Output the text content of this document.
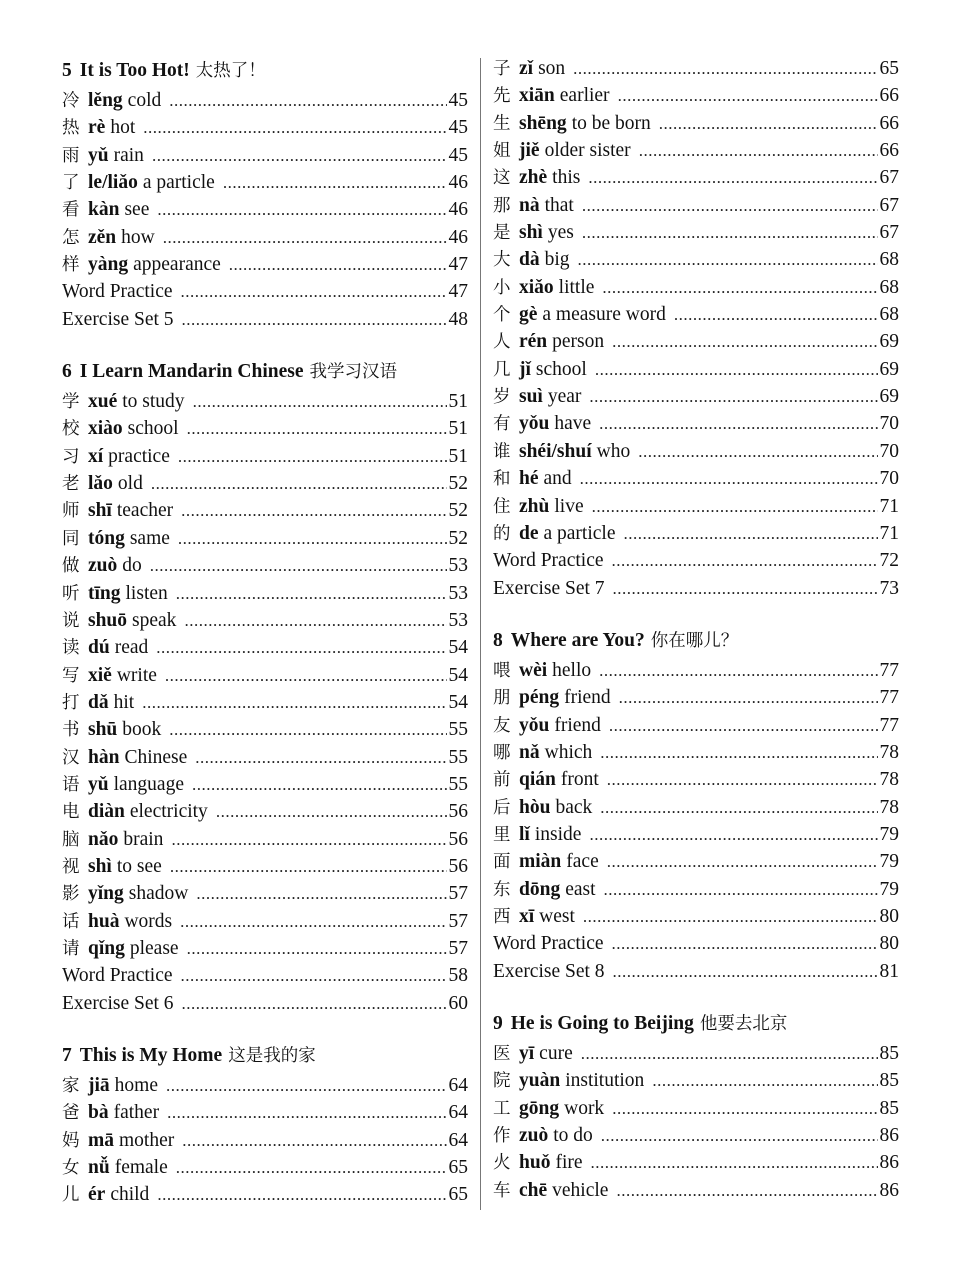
5 It is Too Hot! 太热了！
冷 lěng cold .....	45
热 rè hot .....	45
雨 yǔ rain .....	45
了 le/liǎo a particle .....	46
看 kàn see .....	46
怎 zěn how .....	46
样 yàng appearance .....	47
Word Practice .....	47
Exercise Set 5 .....	48
6 I Learn Mandarin Chinese 我学习汉语
学 xué to study .....	51
校 xiào school .....	51
习 xí practice .....	51
老 lǎo old .....	52
师 shī teacher .....	52
同 tóng same .....	52
做 zuò do .....	53
听 tīng listen .....	53
说 shuō speak .....	53
读 dú read .....	54
写 xiě write .....	54
打 dǎ hit .....	54
书 shū book .....	55
汉 hàn Chinese .....	55
语 yǔ language .....	55
电 diàn electricity .....	56
脑 nǎo brain .....	56
视 shì to see .....	56
影 yǐng shadow .....	57
话 huà words .....	57
请 qǐng please .....	57
Word Practice .....	58
Exercise Set 6 .....	60
7 This is My Home 这是我的家
家 jiā home .....	64
爸 bà father .....	64
妈 mā mother .....	64
女 nǚ female .....	65
儿 ér child .....	65
子 zǐ son .....	65
先 xiān earlier .....	66
生 shēng to be born .....	66
姐 jiě older sister .....	66
这 zhè this .....	67
那 nà that .....	67
是 shì yes .....	67
大 dà big .....	68
小 xiǎo little .....	68
个 gè a measure word .....	68
人 rén person .....	69
几 jǐ school .....	69
岁 suì year .....	69
有 yǒu have .....	70
谁 shéi/shuí who .....	70
和 hé and .....	70
住 zhù live .....	71
的 de a particle .....	71
Word Practice .....	72
Exercise Set 7 .....	73
8 Where are You? 你在哪儿？
喂 wèi hello .....	77
朋 péng friend .....	77
友 yǒu friend .....	77
哪 nǎ which .....	78
前 qián front .....	78
后 hòu back .....	78
里 lǐ inside .....	79
面 miàn face .....	79
东 dōng east .....	79
西 xī west .....	80
Word Practice .....	80
Exercise Set 8 .....	81
9 He is Going to Beijing 他要去北京
医 yī cure .....	85
院 yuàn institution .....	85
工 gōng work .....	85
作 zuò to do .....	86
火 huǒ fire .....	86
车 chē vehicle .....	86
